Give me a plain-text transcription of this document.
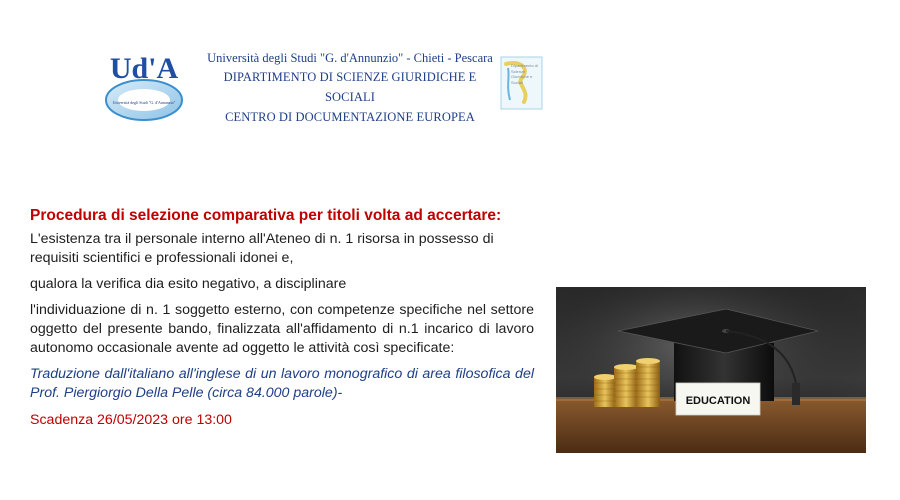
Ud'A
Università degli Studi "G. d'Annunzio"
Università degli Studi "G. d'Annunzio" - Chieti - Pescara
DIPARTIMENTO DI SCIENZE GIURIDICHE E SOCIALI
CENTRO DI DOCUMENTAZIONE EUROPEA
Dipartimento di Scienze Giuridiche e Sociali

Procedura di selezione comparativa per titoli volta ad accertare:

L'esistenza tra il personale interno all'Ateneo di n. 1 risorsa in possesso di requisiti scientifici e professionali idonei e,

qualora la verifica dia esito negativo, a disciplinare

l'individuazione di n. 1 soggetto esterno, con competenze specifiche nel settore oggetto del presente bando, finalizzata all'affidamento di n.1 incarico di lavoro autonomo occasionale avente ad oggetto le attività così specificate:

Traduzione dall'italiano all'inglese di un lavoro monografico di area filosofica del Prof. Piergiorgio Della Pelle (circa 84.000 parole)-

Scadenza 26/05/2023 ore 13:00

EDUCATION
